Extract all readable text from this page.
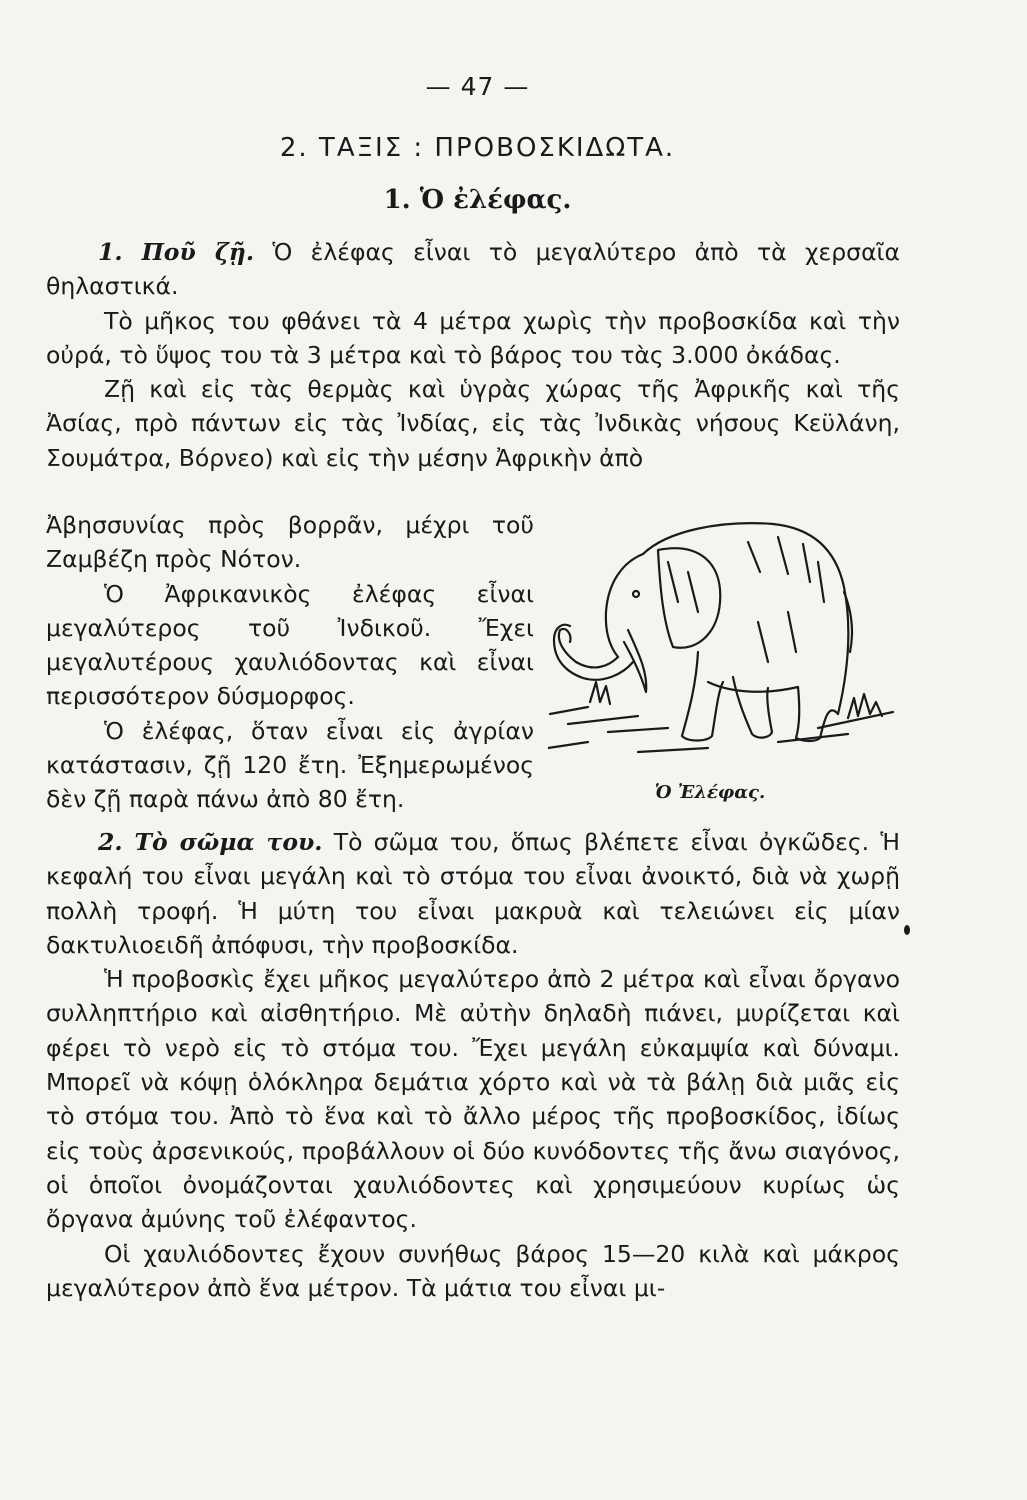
— 47 —
2. ΤΑΞΙΣ : ΠΡΟΒΟΣΚΙΔΩΤΑ.
1. Ὁ ἐλέφας.
1. Ποῦ ζῇ. Ὁ ἐλέφας εἶναι τὸ μεγαλύτερο ἀπὸ τὰ χερσαῖα θηλαστικά.
Τὸ μῆκος του φθάνει τὰ 4 μέτρα χωρὶς τὴν προβοσκίδα καὶ τὴν οὐρά, τὸ ὕψος του τὰ 3 μέτρα καὶ τὸ βάρος του τὰς 3.000 ὀκάδας.
Ζῇ καὶ εἰς τὰς θερμὰς καὶ ὑγρὰς χώρας τῆς Ἀφρικῆς καὶ τῆς Ἀσίας, πρὸ πάντων εἰς τὰς Ἰνδίας, εἰς τὰς Ἰνδικὰς νήσους Κεϋλάνη, Σουμάτρα, Βόρνεο) καὶ εἰς τὴν μέσην Ἀφρικὴν ἀπὸ
Ἀβησσυνίας πρὸς βορρᾶν, μέχρι τοῦ Ζαμβέζη πρὸς Νότον.
Ὁ Ἀφρικανικὸς ἐλέφας εἶναι μεγαλύτερος τοῦ Ἰνδικοῦ. Ἔχει μεγαλυτέρους χαυλιόδοντας καὶ εἶναι περισσότερον δύσμορφος.
Ὁ ἐλέφας, ὅταν εἶναι εἰς ἀγρίαν κατάστασιν, ζῇ 120 ἔτη. Ἐξημερωμένος δὲν ζῇ παρὰ πάνω ἀπὸ 80 ἔτη.	Ὁ Ἐλέφας.
2. Τὸ σῶμα του. Τὸ σῶμα του, ὅπως βλέπετε εἶναι ὀγκῶδες. Ἡ κεφαλή του εἶναι μεγάλη καὶ τὸ στόμα του εἶναι ἀνοικτό, διὰ νὰ χωρῇ πολλὴ τροφή. Ἡ μύτη του εἶναι μακρυὰ καὶ τελειώνει εἰς μίαν δακτυλιοειδῆ ἀπόφυσι, τὴν προβοσκίδα.
Ἡ προβοσκὶς ἔχει μῆκος μεγαλύτερο ἀπὸ 2 μέτρα καὶ εἶναι ὄργανο συλληπτήριο καὶ αἰσθητήριο. Μὲ αὐτὴν δηλαδὴ πιάνει, μυρίζεται καὶ φέρει τὸ νερὸ εἰς τὸ στόμα του. Ἔχει μεγάλη εὐκαμψία καὶ δύναμι. Μπορεῖ νὰ κόψῃ ὁλόκληρα δεμάτια χόρτο καὶ νὰ τὰ βάλῃ διὰ μιᾶς εἰς τὸ στόμα του. Ἀπὸ τὸ ἕνα καὶ τὸ ἄλλο μέρος τῆς προβοσκίδος, ἰδίως εἰς τοὺς ἀρσενικούς, προβάλλουν οἱ δύο κυνόδοντες τῆς ἄνω σιαγόνος, οἱ ὁποῖοι ὀνομάζονται χαυλιόδοντες καὶ χρησιμεύουν κυρίως ὡς ὄργανα ἀμύνης τοῦ ἐλέφαντος.
Οἱ χαυλιόδοντες ἔχουν συνήθως βάρος 15—20 κιλὰ καὶ μάκρος μεγαλύτερον ἀπὸ ἕνα μέτρον. Τὰ μάτια του εἶναι μι-
